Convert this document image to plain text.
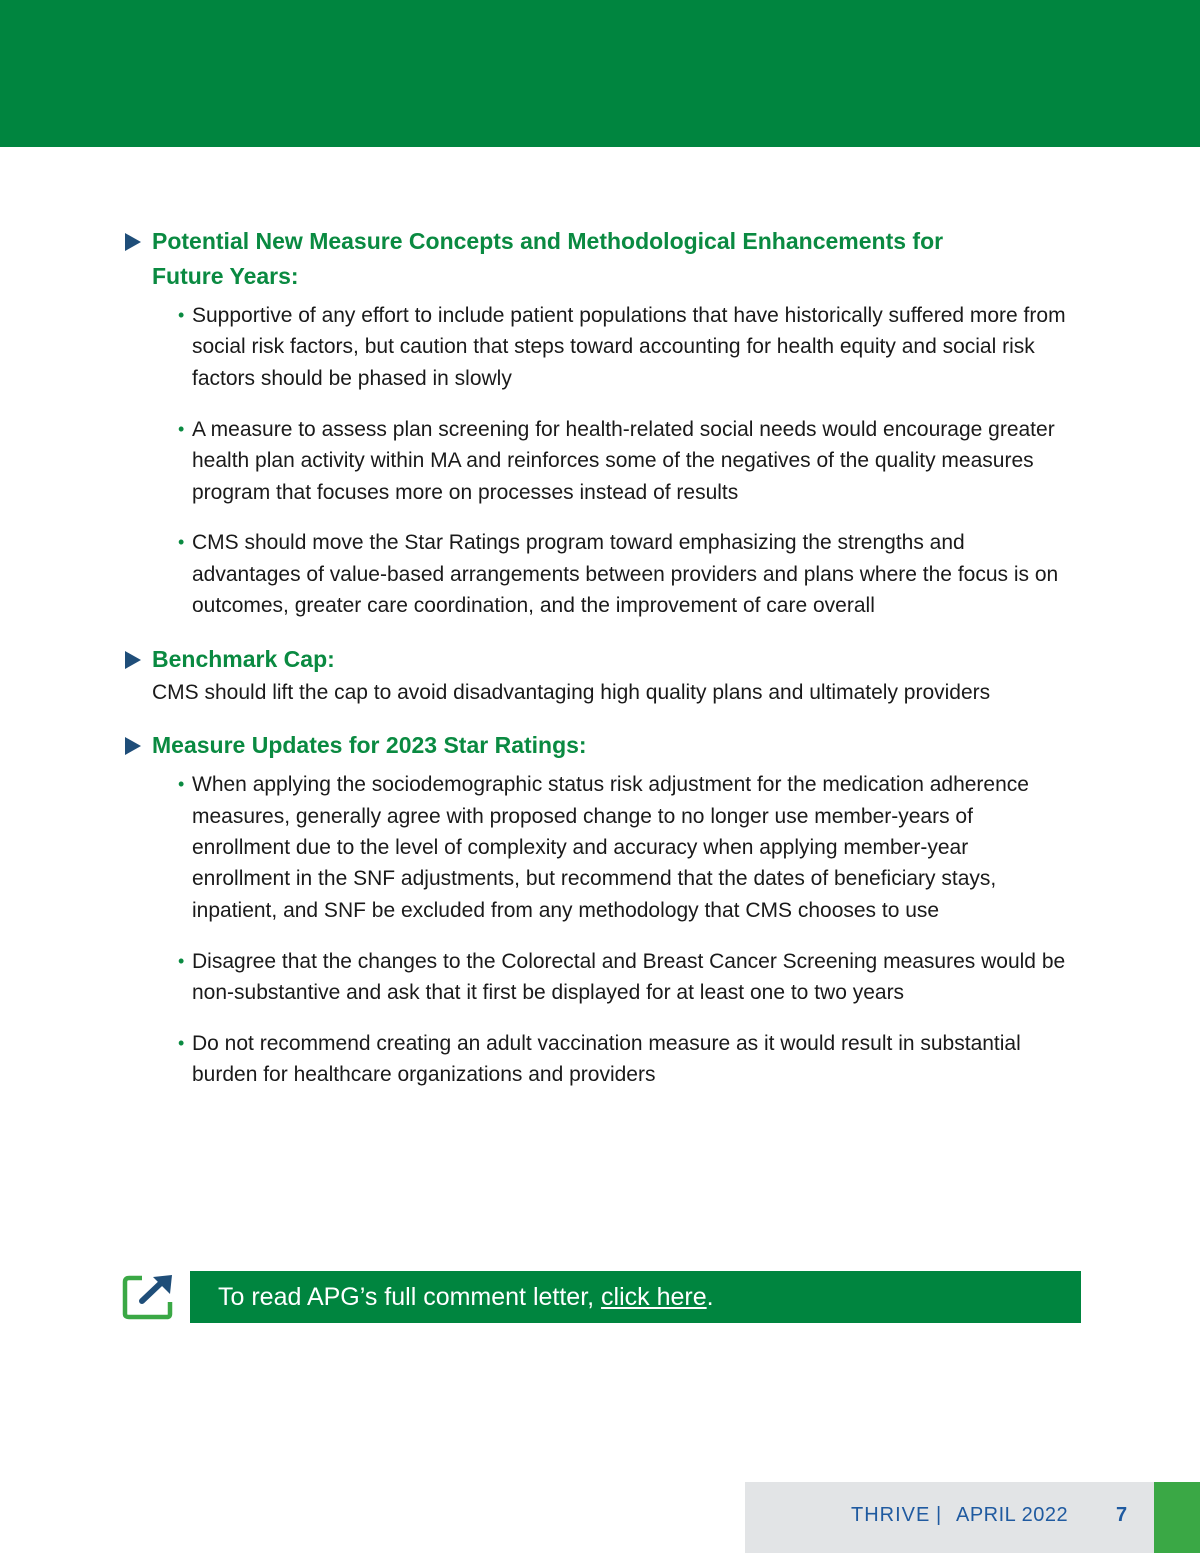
Potential New Measure Concepts and Methodological Enhancements for
Future Years:
• Supportive of any effort to include patient populations that have historically suffered more from social risk factors, but caution that steps toward accounting for health equity and social risk factors should be phased in slowly
• A measure to assess plan screening for health-related social needs would encourage greater health plan activity within MA and reinforces some of the negatives of the quality measures program that focuses more on processes instead of results
• CMS should move the Star Ratings program toward emphasizing the strengths and advantages of value-based arrangements between providers and plans where the focus is on outcomes, greater care coordination, and the improvement of care overall
Benchmark Cap:
CMS should lift the cap to avoid disadvantaging high quality plans and ultimately providers
Measure Updates for 2023 Star Ratings:
• When applying the sociodemographic status risk adjustment for the medication adherence measures, generally agree with proposed change to no longer use member-years of enrollment due to the level of complexity and accuracy when applying member-year enrollment in the SNF adjustments, but recommend that the dates of beneficiary stays, inpatient, and SNF be excluded from any methodology that CMS chooses to use
• Disagree that the changes to the Colorectal and Breast Cancer Screening measures would be non-substantive and ask that it first be displayed for at least one to two years
• Do not recommend creating an adult vaccination measure as it would result in substantial burden for healthcare organizations and providers
To read APG’s full comment letter, click here.
THRIVE | APRIL 2022 7
